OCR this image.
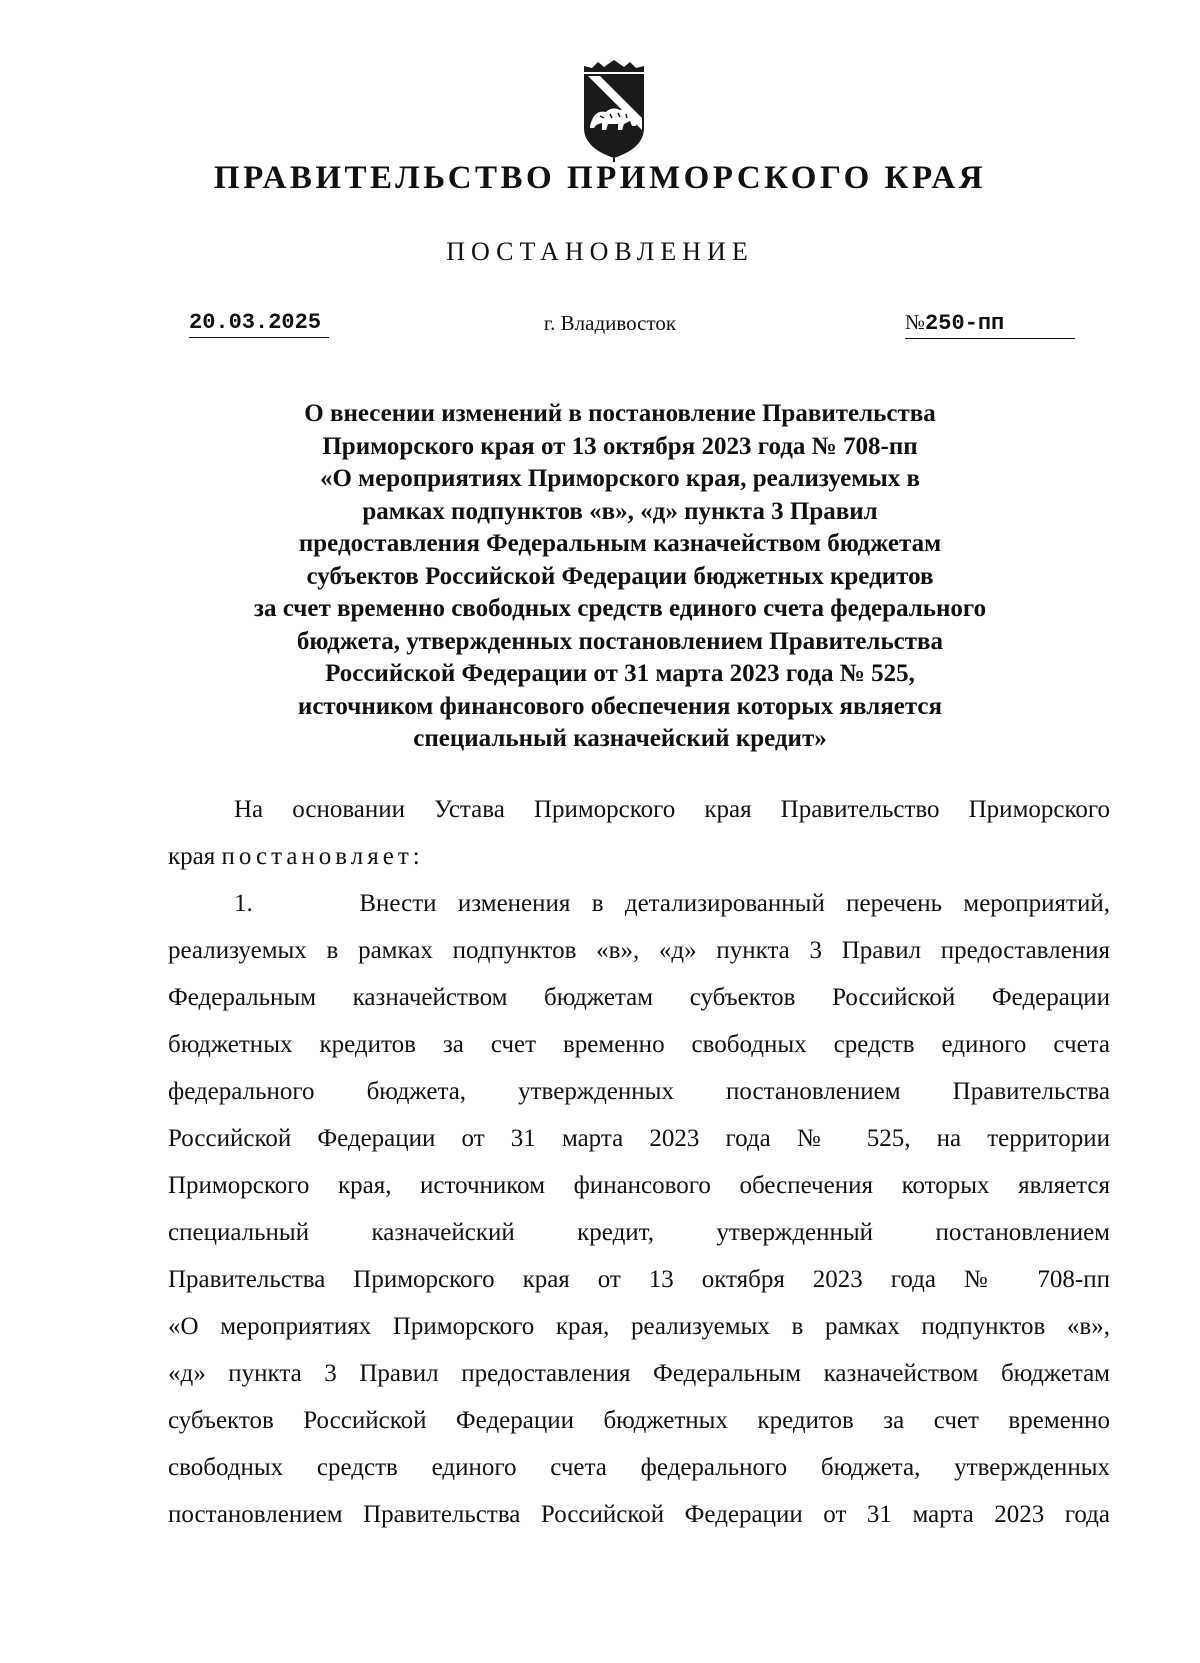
ПРАВИТЕЛЬСТВО ПРИМОРСКОГО КРАЯ
ПОСТАНОВЛЕНИЕ
20.03.2025	г. Владивосток	№250-пп
О внесении изменений в постановление Правительства
Приморского края от 13 октября 2023 года № 708-пп
«О мероприятиях Приморского края, реализуемых в
рамках подпунктов «в», «д» пункта 3 Правил
предоставления Федеральным казначейством бюджетам
субъектов Российской Федерации бюджетных кредитов
за счет временно свободных средств единого счета федерального
бюджета, утвержденных постановлением Правительства
Российской Федерации от 31 марта 2023 года № 525,
источником финансового обеспечения которых является
специальный казначейский кредит»
На основании Устава Приморского края Правительство Приморского
края постановляет:
1.     Внести изменения в детализированный перечень мероприятий,
реализуемых в рамках подпунктов «в», «д» пункта 3 Правил предоставления
Федеральным казначейством бюджетам субъектов Российской Федерации
бюджетных кредитов за счет временно свободных средств единого счета
федерального бюджета, утвержденных постановлением Правительства
Российской Федерации от 31 марта 2023 года № 525, на территории
Приморского края, источником финансового обеспечения которых является
специальный казначейский кредит, утвержденный постановлением
Правительства Приморского края от 13 октября 2023 года № 708-пп
«О мероприятиях Приморского края, реализуемых в рамках подпунктов «в»,
«д» пункта 3 Правил предоставления Федеральным казначейством бюджетам
субъектов Российской Федерации бюджетных кредитов за счет временно
свободных средств единого счета федерального бюджета, утвержденных
постановлением Правительства Российской Федерации от 31 марта 2023 года
